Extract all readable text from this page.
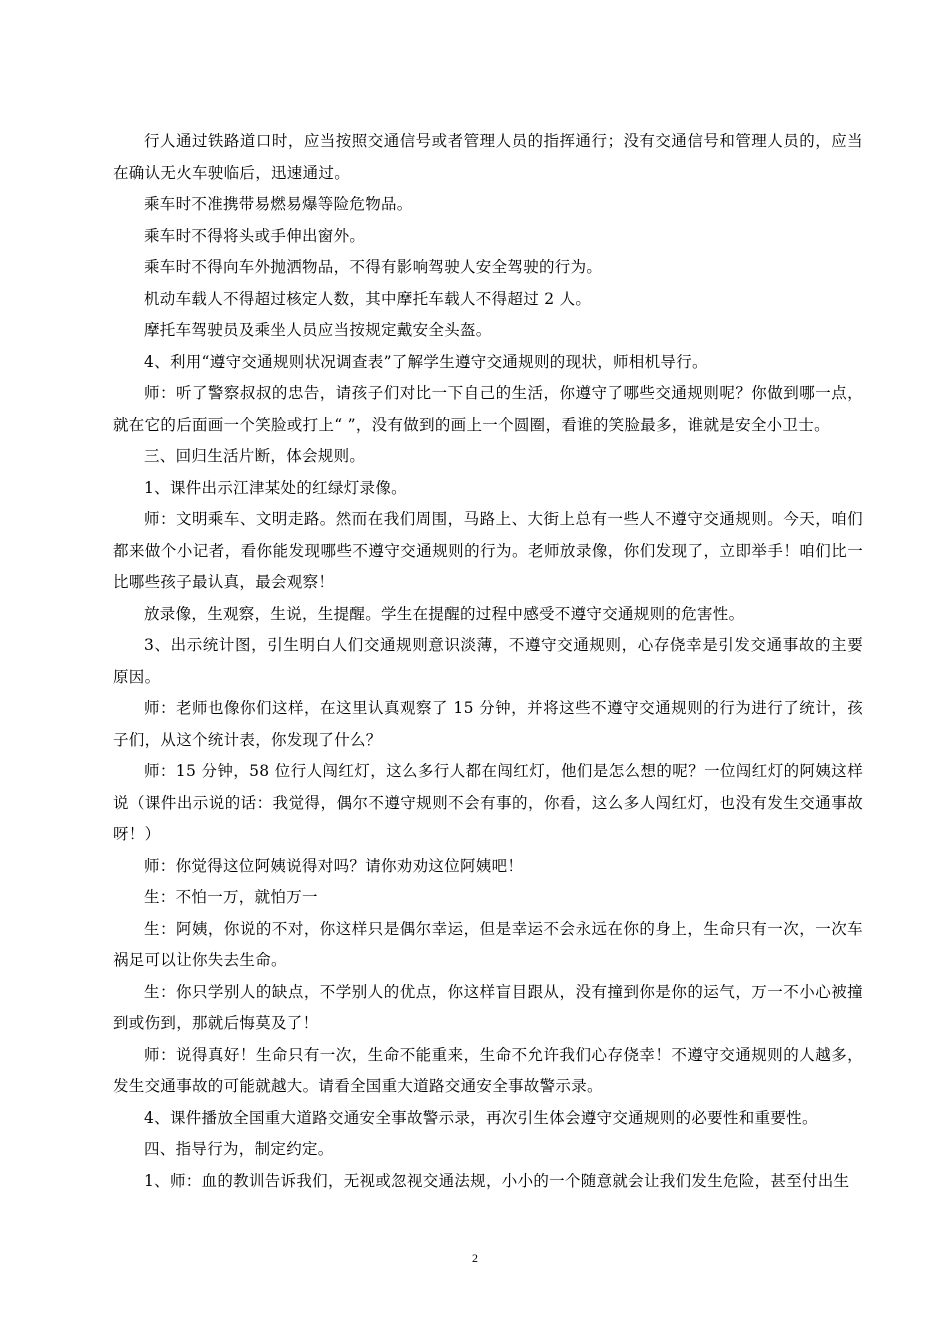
行人通过铁路道口时，应当按照交通信号或者管理人员的指挥通行；没有交通信号和管理人员的，应当在确认无火车驶临后，迅速通过。

乘车时不准携带易燃易爆等险危物品。

乘车时不得将头或手伸出窗外。

乘车时不得向车外抛洒物品，不得有影响驾驶人安全驾驶的行为。

机动车载人不得超过核定人数，其中摩托车载人不得超过 2 人。

摩托车驾驶员及乘坐人员应当按规定戴安全头盔。

4、利用“遵守交通规则状况调查表”了解学生遵守交通规则的现状，师相机导行。

师：听了警察叔叔的忠告，请孩子们对比一下自己的生活，你遵守了哪些交通规则呢？你做到哪一点，就在它的后面画一个笑脸或打上“ ”，没有做到的画上一个圆圈，看谁的笑脸最多，谁就是安全小卫士。

三、回归生活片断，体会规则。

1、课件出示江津某处的红绿灯录像。

师：文明乘车、文明走路。然而在我们周围，马路上、大街上总有一些人不遵守交通规则。今天，咱们都来做个小记者，看你能发现哪些不遵守交通规则的行为。老师放录像，你们发现了，立即举手！咱们比一比哪些孩子最认真，最会观察！

放录像，生观察，生说，生提醒。学生在提醒的过程中感受不遵守交通规则的危害性。

3、出示统计图，引生明白人们交通规则意识淡薄，不遵守交通规则，心存侥幸是引发交通事故的主要原因。

师：老师也像你们这样，在这里认真观察了 15 分钟，并将这些不遵守交通规则的行为进行了统计，孩子们，从这个统计表，你发现了什么？

师：15 分钟，58 位行人闯红灯，这么多行人都在闯红灯，他们是怎么想的呢？一位闯红灯的阿姨这样说（课件出示说的话：我觉得，偶尔不遵守规则不会有事的，你看，这么多人闯红灯，也没有发生交通事故呀！）

师：你觉得这位阿姨说得对吗？请你劝劝这位阿姨吧！

生：不怕一万，就怕万一

生：阿姨，你说的不对，你这样只是偶尔幸运，但是幸运不会永远在你的身上，生命只有一次，一次车祸足可以让你失去生命。

生：你只学别人的缺点，不学别人的优点，你这样盲目跟从，没有撞到你是你的运气，万一不小心被撞到或伤到，那就后悔莫及了！

师：说得真好！生命只有一次，生命不能重来，生命不允许我们心存侥幸！不遵守交通规则的人越多，发生交通事故的可能就越大。请看全国重大道路交通安全事故警示录。

4、课件播放全国重大道路交通安全事故警示录，再次引生体会遵守交通规则的必要性和重要性。

四、指导行为，制定约定。

1、师：血的教训告诉我们，无视或忽视交通法规，小小的一个随意就会让我们发生危险，甚至付出生

2
